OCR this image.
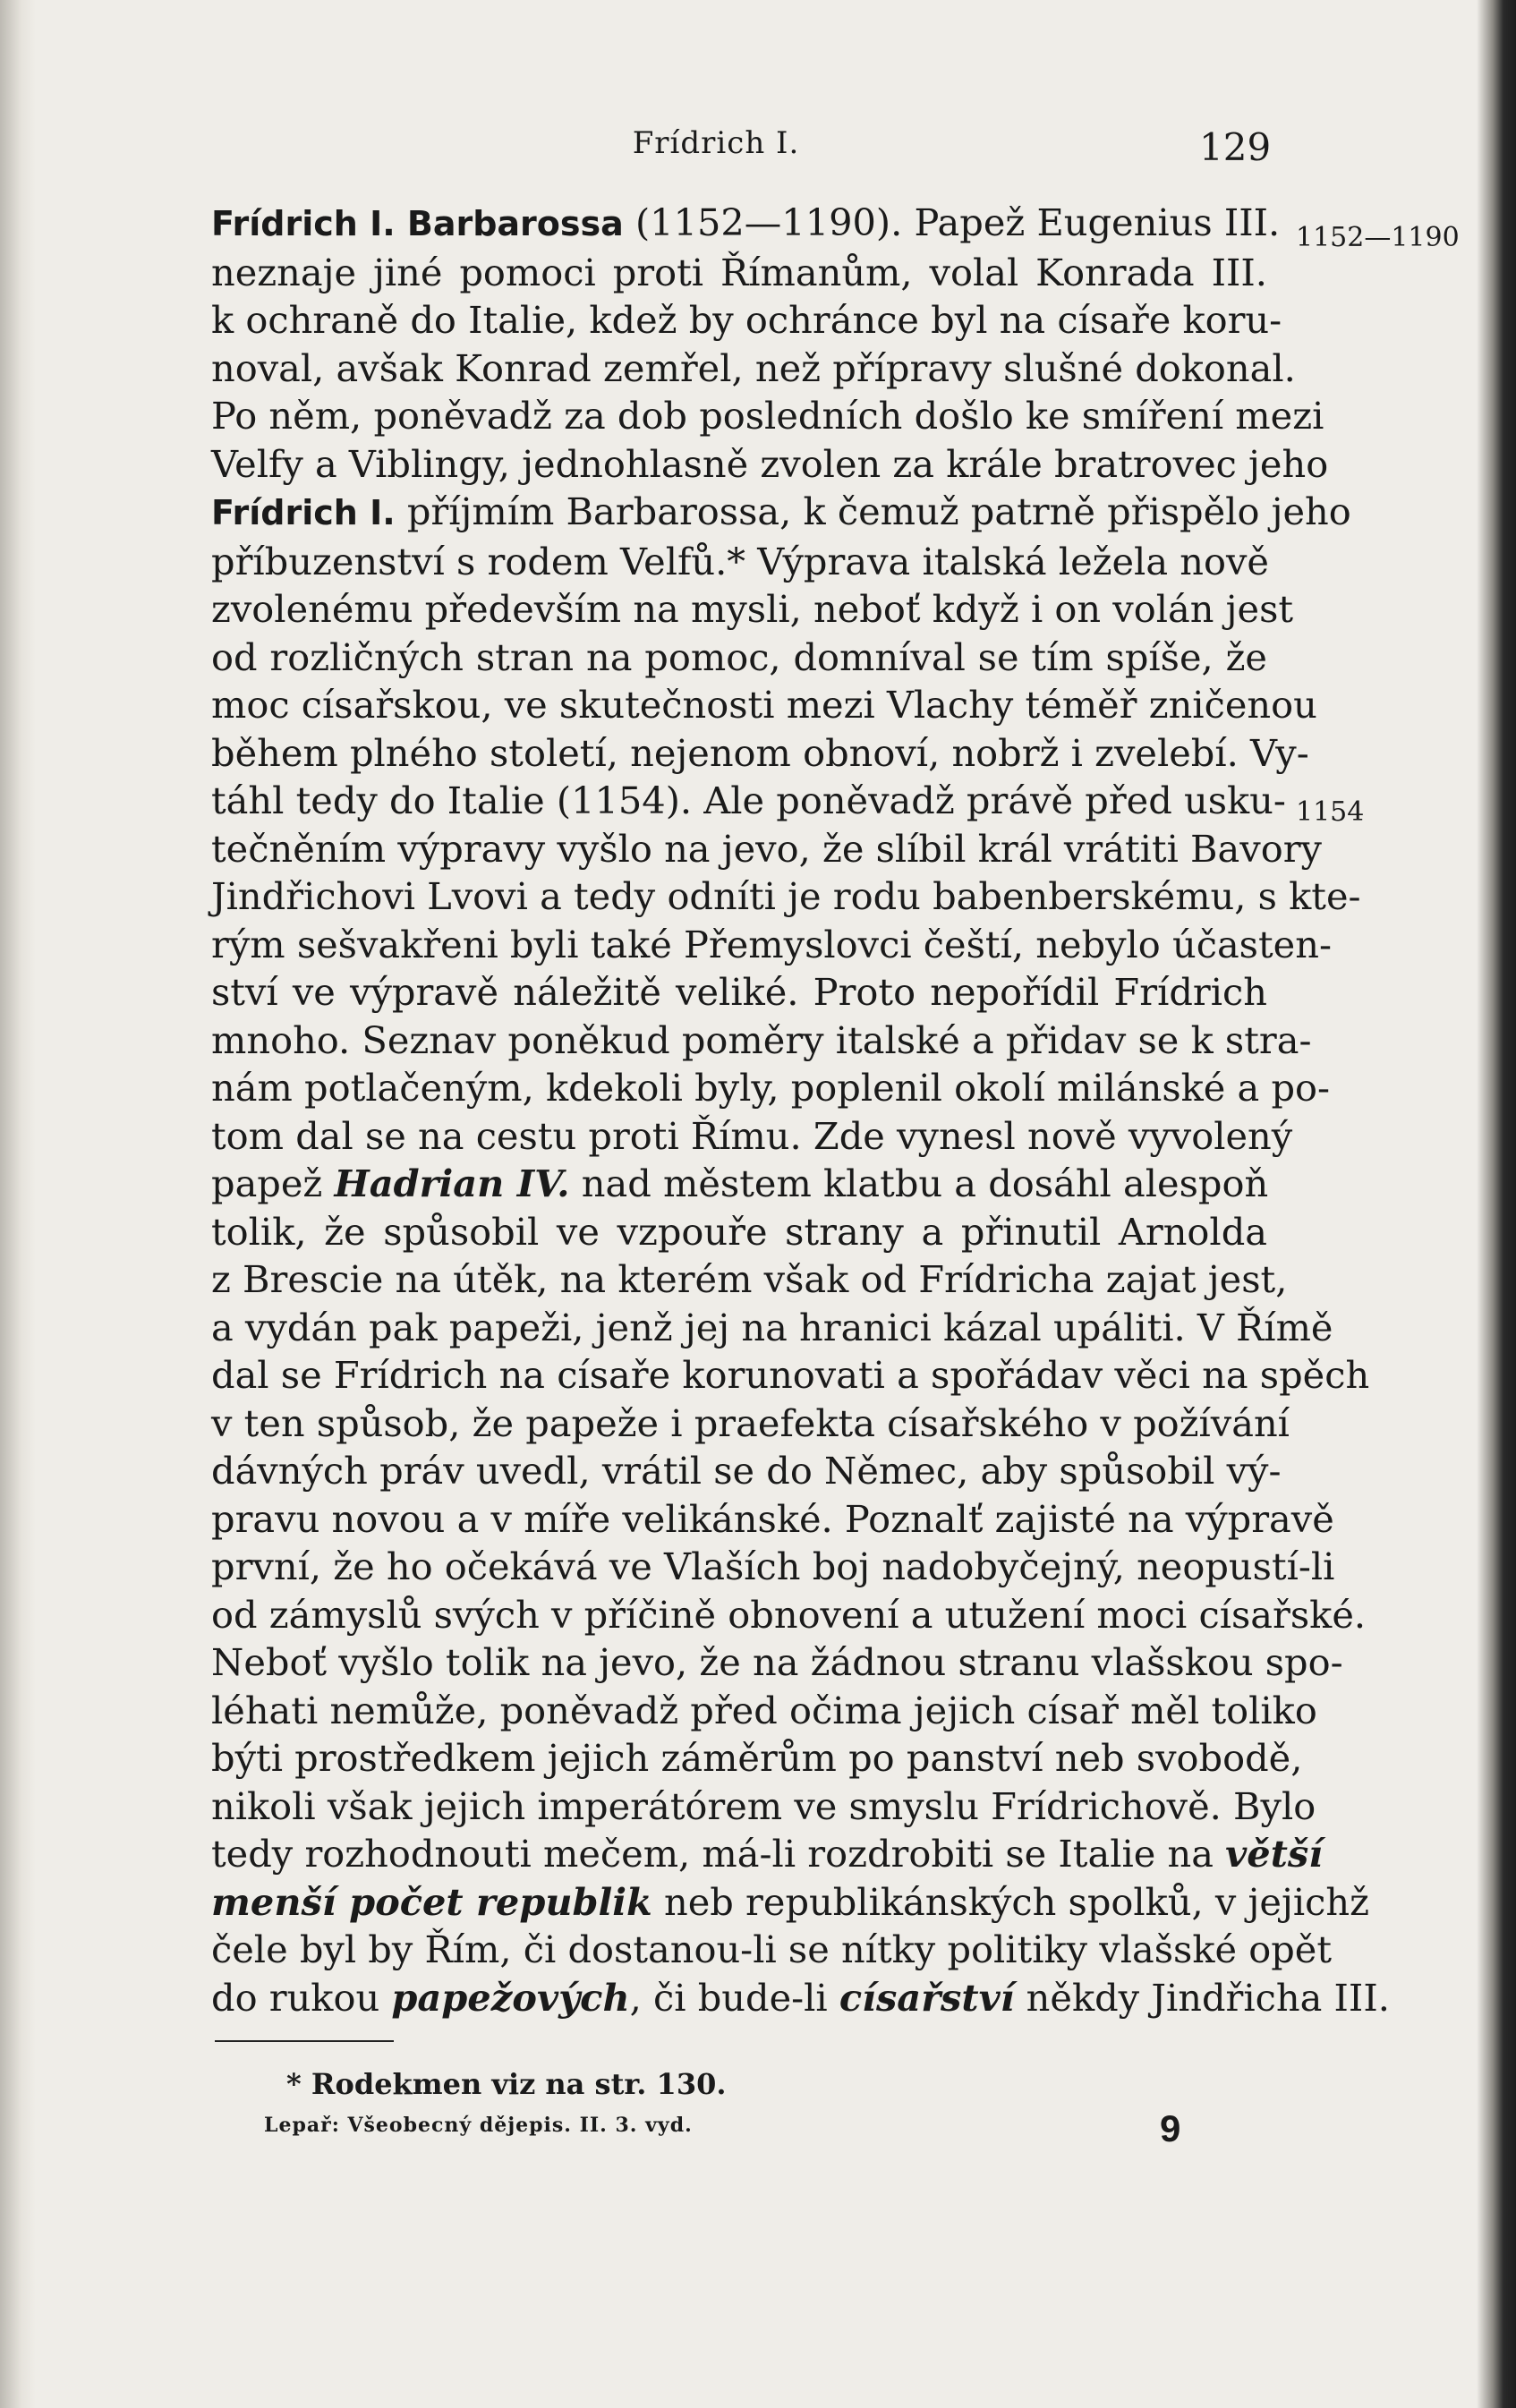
Frídrich I.	129
1152—1190
1154
Frídrich I. Barbarossa (1152—1190). Papež Eugenius III.
neznaje jiné pomoci proti Římanům, volal Konrada III.
k ochraně do Italie, kdež by ochránce byl na císaře koru-
noval, avšak Konrad zemřel, než přípravy slušné dokonal.
Po něm, poněvadž za dob posledních došlo ke smíření mezi
Velfy a Viblingy, jednohlasně zvolen za krále bratrovec jeho
Frídrich I. příjmím Barbarossa, k čemuž patrně přispělo jeho
příbuzenství s rodem Velfů.* Výprava italská ležela nově
zvolenému především na mysli, neboť když i on volán jest
od rozličných stran na pomoc, domníval se tím spíše, že
moc císařskou, ve skutečnosti mezi Vlachy téměř zničenou
během plného století, nejenom obnoví, nobrž i zvelebí. Vy-
táhl tedy do Italie (1154). Ale poněvadž právě před usku-
tečněním výpravy vyšlo na jevo, že slíbil král vrátiti Bavory
Jindřichovi Lvovi a tedy odníti je rodu babenberskému, s kte-
rým sešvakřeni byli také Přemyslovci čeští, nebylo účasten-
ství ve výpravě náležitě veliké. Proto nepořídil Frídrich
mnoho. Seznav poněkud poměry italské a přidav se k stra-
nám potlačeným, kdekoli byly, poplenil okolí milánské a po-
tom dal se na cestu proti Římu. Zde vynesl nově vyvolený
papež Hadrian IV. nad městem klatbu a dosáhl alespoň
tolik, že spůsobil ve vzpouře strany a přinutil Arnolda
z Brescie na útěk, na kterém však od Frídricha zajat jest,
a vydán pak papeži, jenž jej na hranici kázal upáliti. V Římě
dal se Frídrich na císaře korunovati a spořádav věci na spěch
v ten spůsob, že papeže i praefekta císařského v požívání
dávných práv uvedl, vrátil se do Němec, aby spůsobil vý-
pravu novou a v míře velikánské. Poznalť zajisté na výpravě
první, že ho očekává ve Vlaších boj nadobyčejný, neopustí-li
od zámyslů svých v příčině obnovení a utužení moci císařské.
Neboť vyšlo tolik na jevo, že na žádnou stranu vlašskou spo-
léhati nemůže, poněvadž před očima jejich císař měl toliko
býti prostředkem jejich záměrům po panství neb svobodě,
nikoli však jejich imperátórem ve smyslu Frídrichově. Bylo
tedy rozhodnouti mečem, má-li rozdrobiti se Italie na větší
menší počet republik neb republikánských spolků, v jejichž
čele byl by Řím, či dostanou-li se nítky politiky vlašské opět
do rukou papežových, či bude-li císařství někdy Jindřicha III.
* Rodekmen viz na str. 130.
Lepař: Všeobecný dějepis. II. 3. vyd.	9
